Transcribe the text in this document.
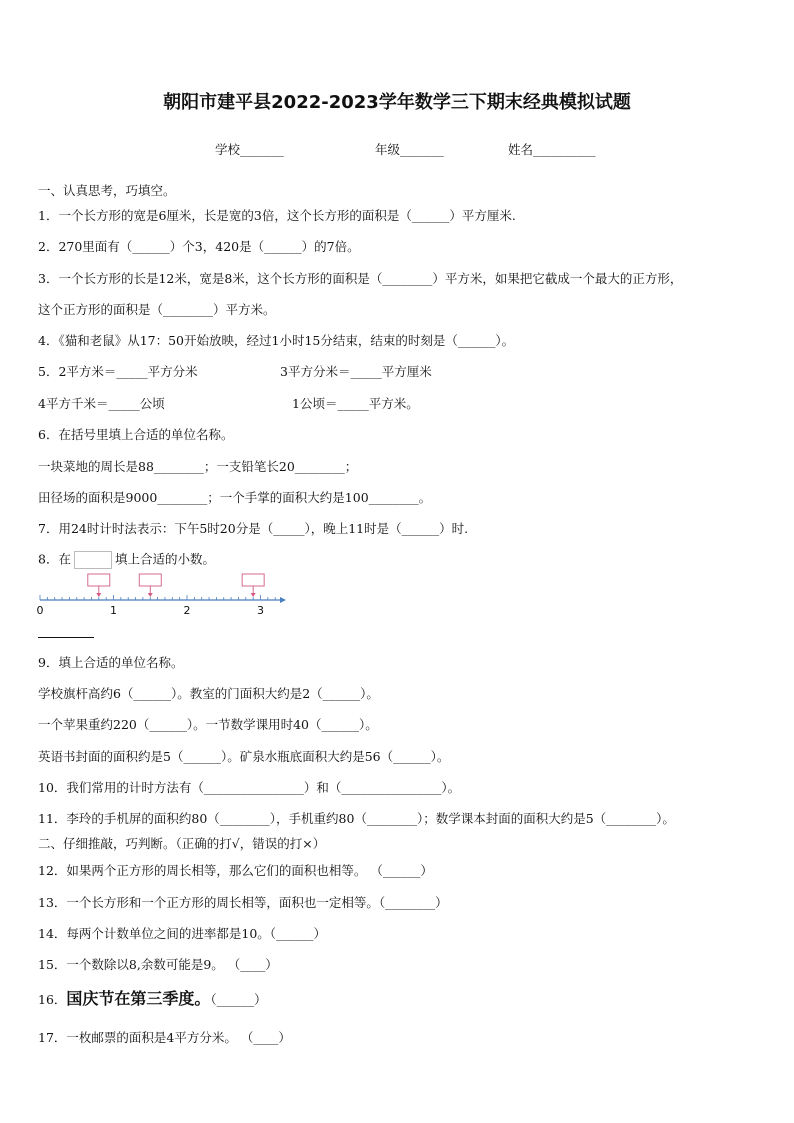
朝阳市建平县2022-2023学年数学三下期末经典模拟试题
学校_______	年级_______	姓名__________
一、认真思考，巧填空。
1．一个长方形的宽是6厘米，长是宽的3倍，这个长方形的面积是（______）平方厘米.
2．270里面有（______）个3，420是（______）的7倍。
3．一个长方形的长是12米，宽是8米，这个长方形的面积是（________）平方米，如果把它截成一个最大的正方形，
这个正方形的面积是（________）平方米。
4．《猫和老鼠》从17：50开始放映，经过1小时15分结束，结束的时刻是（______）。
5．2平方米＝_____平方分米	3平方分米＝_____平方厘米
4平方千米＝_____公顷	1公顷＝_____平方米。
6．在括号里填上合适的单位名称。
一块菜地的周长是88________；一支铅笔长20________；
田径场的面积是9000________；一个手掌的面积大约是100________。
7．用24时计时法表示：下午5时20分是（_____），晚上11时是（______）时.
8．在	填上合适的小数。
0	1	2	3
9．填上合适的单位名称。
学校旗杆高约6（______）。教室的门面积大约是2（______）。
一个苹果重约220（______）。一节数学课用时40（______）。
英语书封面的面积约是5（______）。矿泉水瓶底面积大约是56（______）。
10．我们常用的计时方法有（________________）和（________________）。
11．李玲的手机屏的面积约80（________），手机重约80（________）；数学课本封面的面积大约是5（________）。
二、仔细推敲，巧判断。（正确的打√，错误的打×）
12．如果两个正方形的周长相等，那么它们的面积也相等。 （______）
13．一个长方形和一个正方形的周长相等，面积也一定相等。（________）
14．每两个计数单位之间的进率都是10。（______）
15．一个数除以8,余数可能是9。 （____）
16．国庆节在第三季度。（______）
17．一枚邮票的面积是4平方分米。 （____）
